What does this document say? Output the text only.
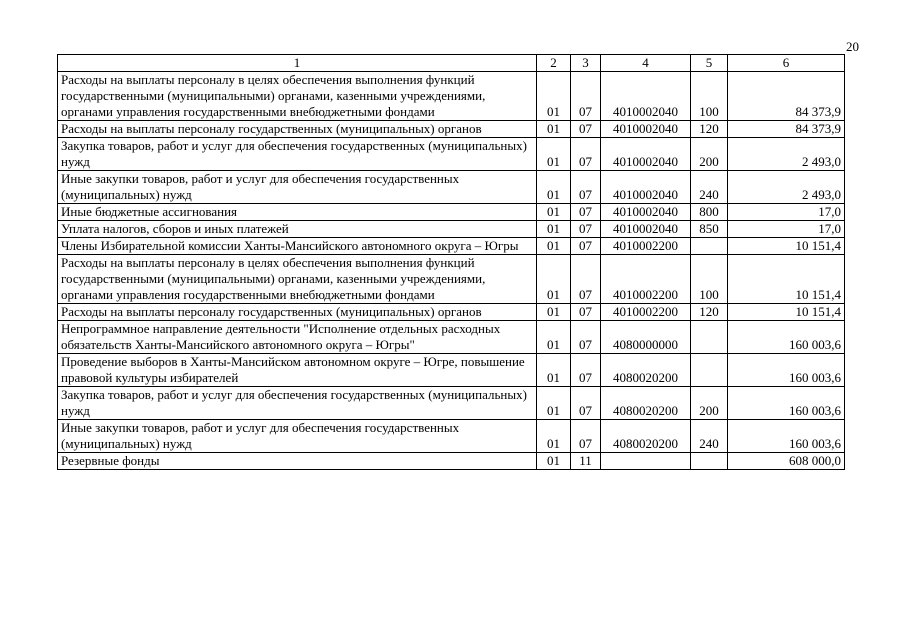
20
1	2	3	4	5	6
Расходы на выплаты персоналу в целях обеспечения выполнения функций государственными (муниципальными) органами, казенными учреждениями, органами управления государственными внебюджетными фондами	01	07	4010002040	100	84 373,9
Расходы на выплаты персоналу государственных (муниципальных) органов	01	07	4010002040	120	84 373,9
Закупка товаров, работ и услуг для обеспечения государственных (муниципальных) нужд	01	07	4010002040	200	2 493,0
Иные закупки товаров, работ и услуг для обеспечения государственных (муниципальных) нужд	01	07	4010002040	240	2 493,0
Иные бюджетные ассигнования	01	07	4010002040	800	17,0
Уплата налогов, сборов и иных платежей	01	07	4010002040	850	17,0
Члены Избирательной комиссии Ханты-Мансийского автономного округа – Югры	01	07	4010002200		10 151,4
Расходы на выплаты персоналу в целях обеспечения выполнения функций государственными (муниципальными) органами, казенными учреждениями, органами управления государственными внебюджетными фондами	01	07	4010002200	100	10 151,4
Расходы на выплаты персоналу государственных (муниципальных) органов	01	07	4010002200	120	10 151,4
Непрограммное направление деятельности "Исполнение отдельных расходных обязательств Ханты-Мансийского автономного округа – Югры"	01	07	4080000000		160 003,6
Проведение выборов в Ханты-Мансийском автономном округе – Югре, повышение правовой культуры избирателей	01	07	4080020200		160 003,6
Закупка товаров, работ и услуг для обеспечения государственных (муниципальных) нужд	01	07	4080020200	200	160 003,6
Иные закупки товаров, работ и услуг для обеспечения государственных (муниципальных) нужд	01	07	4080020200	240	160 003,6
Резервные фонды	01	11			608 000,0
